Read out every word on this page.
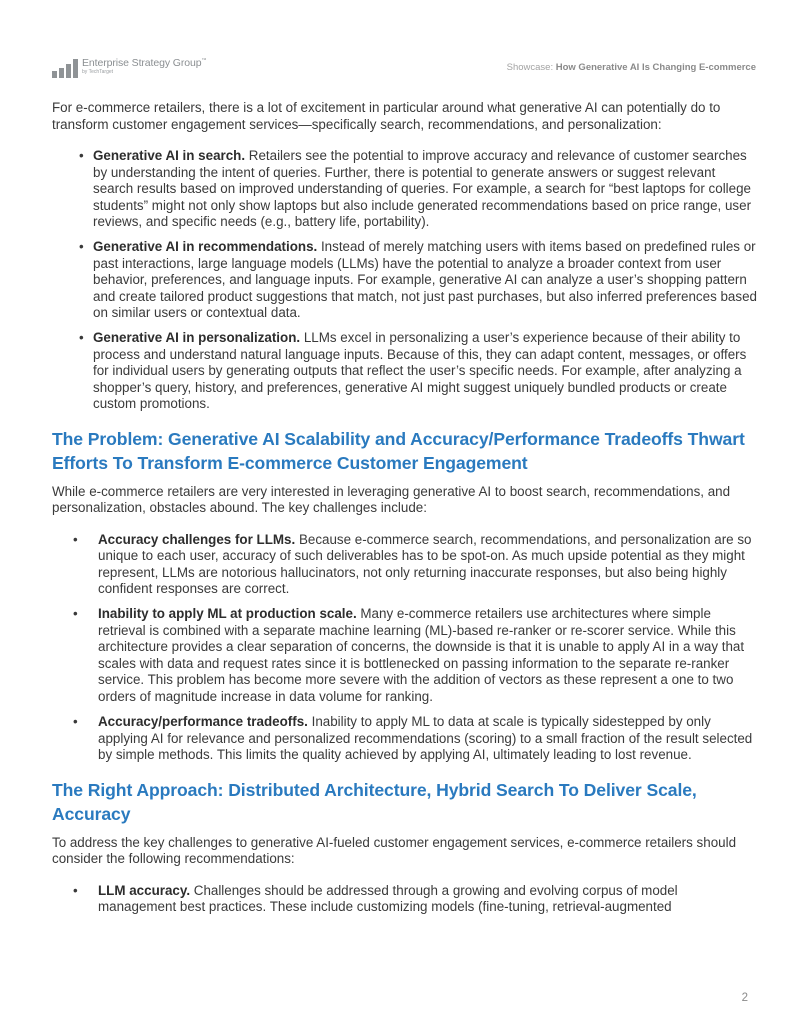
Enterprise Strategy Group™
by TechTarget	Showcase: How Generative AI Is Changing E-commerce

For e-commerce retailers, there is a lot of excitement in particular around what generative AI can potentially do to transform customer engagement services—specifically search, recommendations, and personalization:

• Generative AI in search. Retailers see the potential to improve accuracy and relevance of customer searches by understanding the intent of queries. Further, there is potential to generate answers or suggest relevant search results based on improved understanding of queries. For example, a search for “best laptops for college students” might not only show laptops but also include generated recommendations based on price range, user reviews, and specific needs (e.g., battery life, portability).
• Generative AI in recommendations. Instead of merely matching users with items based on predefined rules or past interactions, large language models (LLMs) have the potential to analyze a broader context from user behavior, preferences, and language inputs. For example, generative AI can analyze a user’s shopping pattern and create tailored product suggestions that match, not just past purchases, but also inferred preferences based on similar users or contextual data.
• Generative AI in personalization. LLMs excel in personalizing a user’s experience because of their ability to process and understand natural language inputs. Because of this, they can adapt content, messages, or offers for individual users by generating outputs that reflect the user’s specific needs. For example, after analyzing a shopper’s query, history, and preferences, generative AI might suggest uniquely bundled products or create custom promotions.
The Problem: Generative AI Scalability and Accuracy/Performance Tradeoffs Thwart Efforts To Transform E-commerce Customer Engagement

While e-commerce retailers are very interested in leveraging generative AI to boost search, recommendations, and personalization, obstacles abound. The key challenges include:

• Accuracy challenges for LLMs. Because e-commerce search, recommendations, and personalization are so unique to each user, accuracy of such deliverables has to be spot-on. As much upside potential as they might represent, LLMs are notorious hallucinators, not only returning inaccurate responses, but also being highly confident responses are correct.
• Inability to apply ML at production scale. Many e-commerce retailers use architectures where simple retrieval is combined with a separate machine learning (ML)-based re-ranker or re-scorer service. While this architecture provides a clear separation of concerns, the downside is that it is unable to apply AI in a way that scales with data and request rates since it is bottlenecked on passing information to the separate re-ranker service. This problem has become more severe with the addition of vectors as these represent a one to two orders of magnitude increase in data volume for ranking.
• Accuracy/performance tradeoffs. Inability to apply ML to data at scale is typically sidestepped by only applying AI for relevance and personalized recommendations (scoring) to a small fraction of the result selected by simple methods. This limits the quality achieved by applying AI, ultimately leading to lost revenue.
The Right Approach: Distributed Architecture, Hybrid Search To Deliver Scale, Accuracy

To address the key challenges to generative AI-fueled customer engagement services, e-commerce retailers should consider the following recommendations:

• LLM accuracy. Challenges should be addressed through a growing and evolving corpus of model management best practices. These include customizing models (fine-tuning, retrieval-augmented
2
